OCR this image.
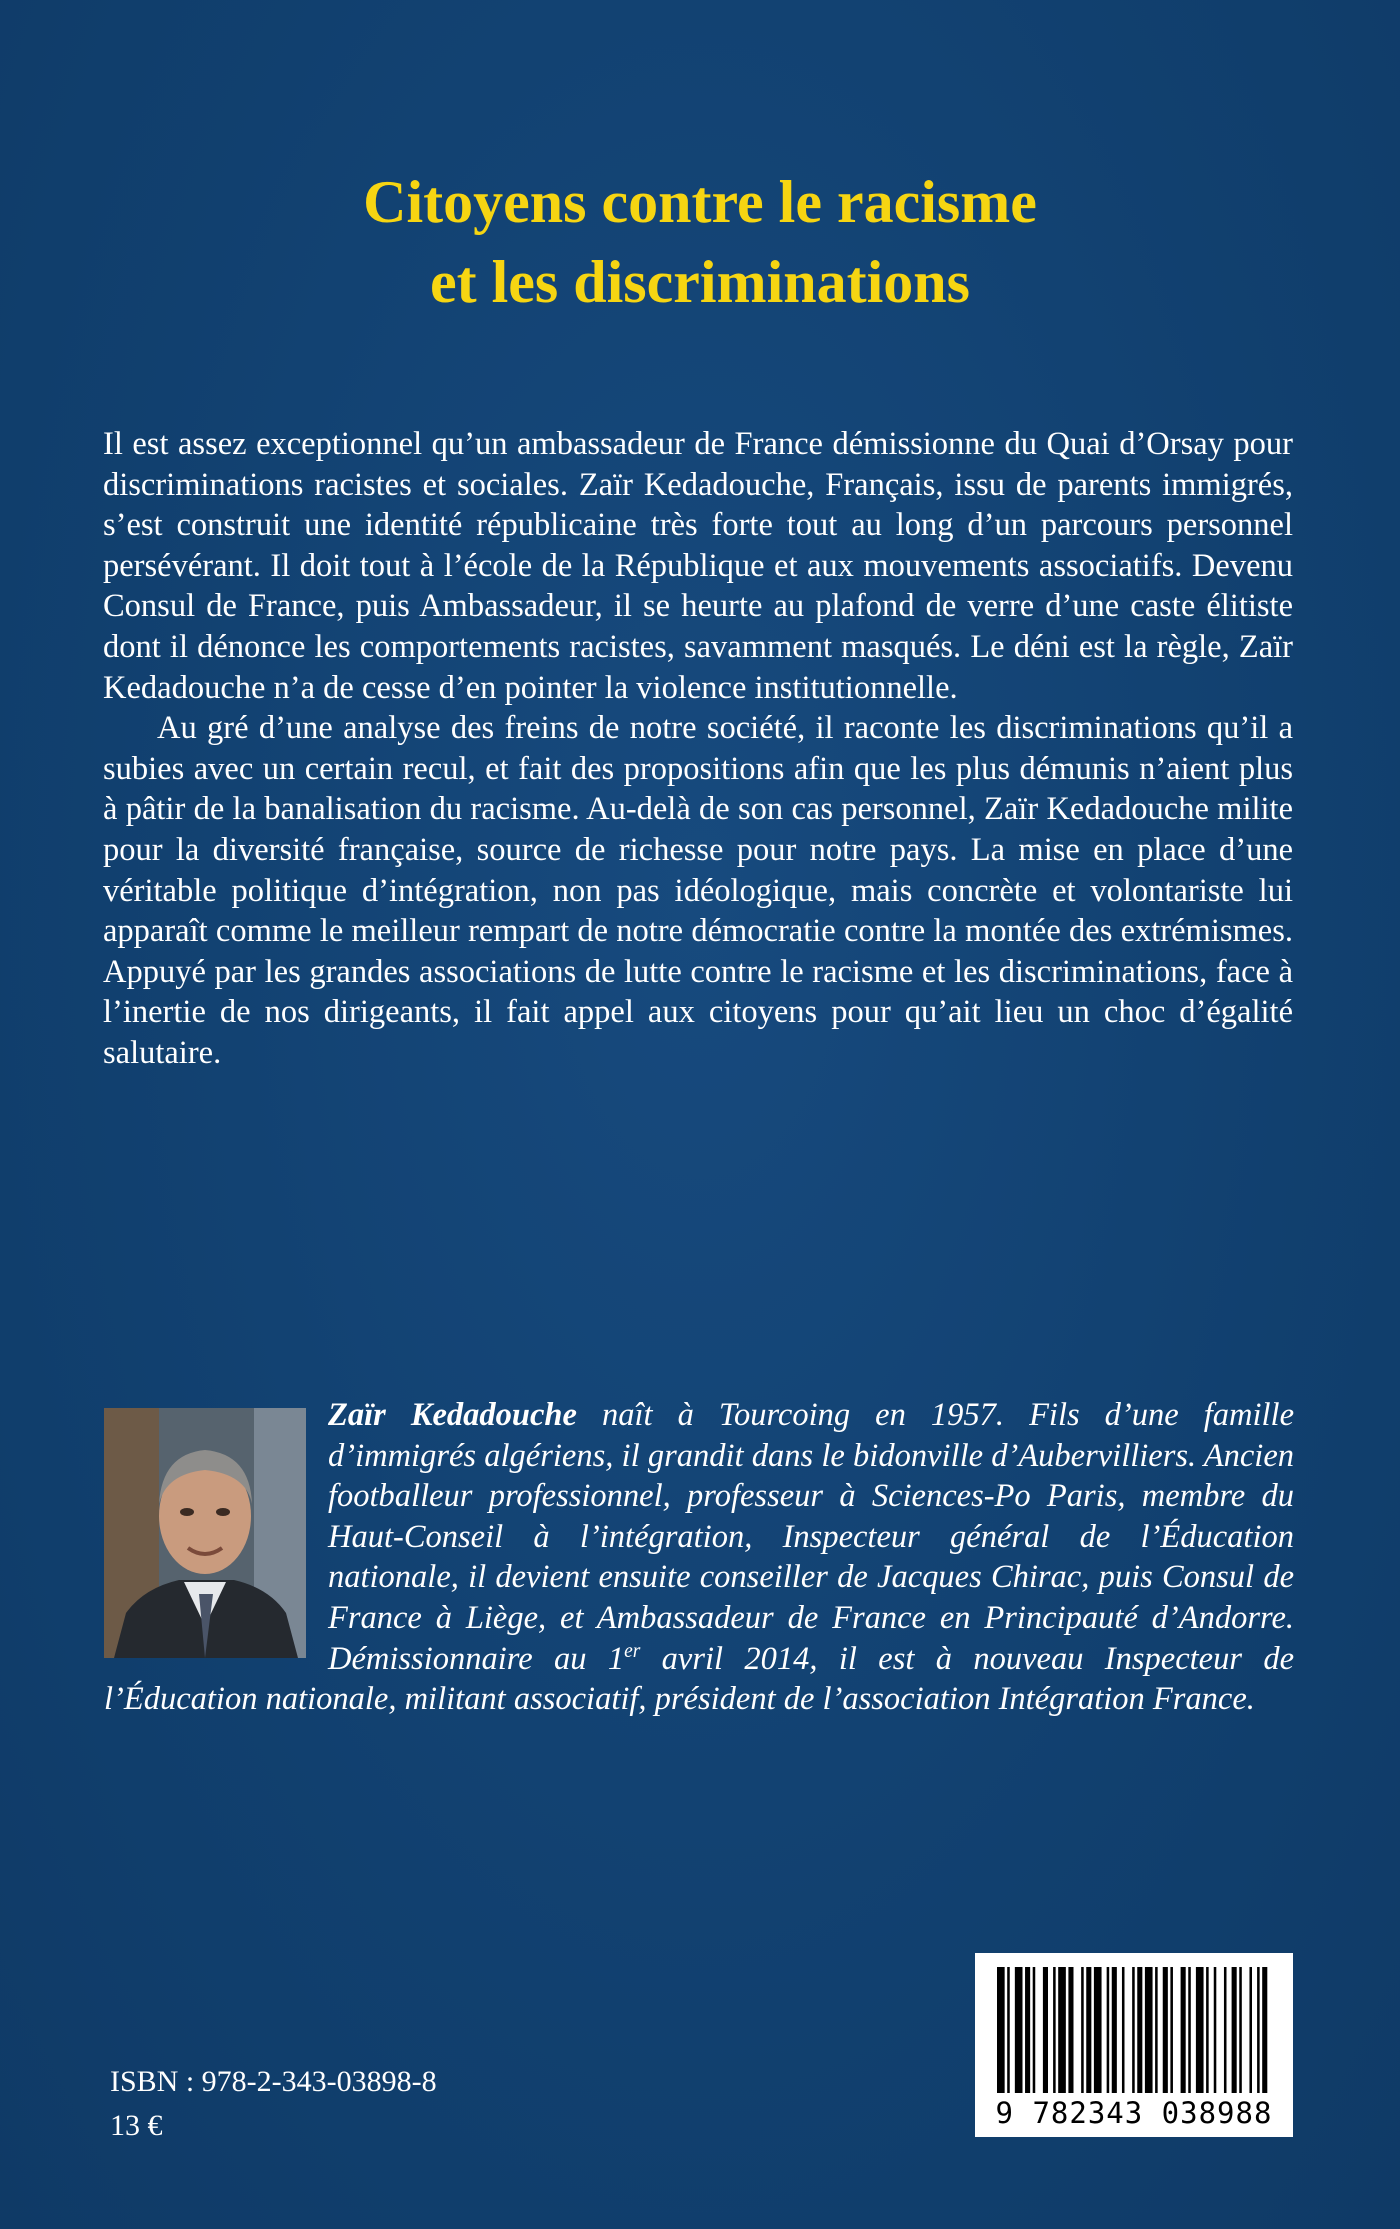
Citoyens contre le racisme
et les discriminations

Il est assez exceptionnel qu’un ambassadeur de France démissionne du Quai d’Orsay pour discriminations racistes et sociales. Zaïr Kedadouche, Français, issu de parents immigrés, s’est construit une identité républicaine très forte tout au long d’un parcours personnel persévérant. Il doit tout à l’école de la République et aux mouvements associatifs. Devenu Consul de France, puis Ambassadeur, il se heurte au plafond de verre d’une caste élitiste dont il dénonce les comportements racistes, savamment masqués. Le déni est la règle, Zaïr Kedadouche n’a de cesse d’en pointer la violence institutionnelle.

Au gré d’une analyse des freins de notre société, il raconte les discriminations qu’il a subies avec un certain recul, et fait des propositions afin que les plus démunis n’aient plus à pâtir de la banalisation du racisme. Au-delà de son cas personnel, Zaïr Kedadouche milite pour la diversité française, source de richesse pour notre pays. La mise en place d’une véritable politique d’intégration, non pas idéologique, mais concrète et volontariste lui apparaît comme le meilleur rempart de notre démocratie contre la montée des extrémismes. Appuyé par les grandes associations de lutte contre le racisme et les discriminations, face à l’inertie de nos dirigeants, il fait appel aux citoyens pour qu’ait lieu un choc d’égalité salutaire.

Zaïr Kedadouche naît à Tourcoing en 1957. Fils d’une famille d’immigrés algériens, il grandit dans le bidonville d’Aubervilliers. Ancien footballeur professionnel, professeur à Sciences-Po Paris, membre du Haut-Conseil à l’intégration, Inspecteur général de l’Éducation nationale, il devient ensuite conseiller de Jacques Chirac, puis Consul de France à Liège, et Ambassadeur de France en Principauté d’Andorre. Démissionnaire au 1er avril 2014, il est à nouveau Inspecteur de l’Éducation nationale, militant associatif, président de l’association Intégration France.
ISBN : 978-2-343-03898-8
13 €	9 782343 038988
